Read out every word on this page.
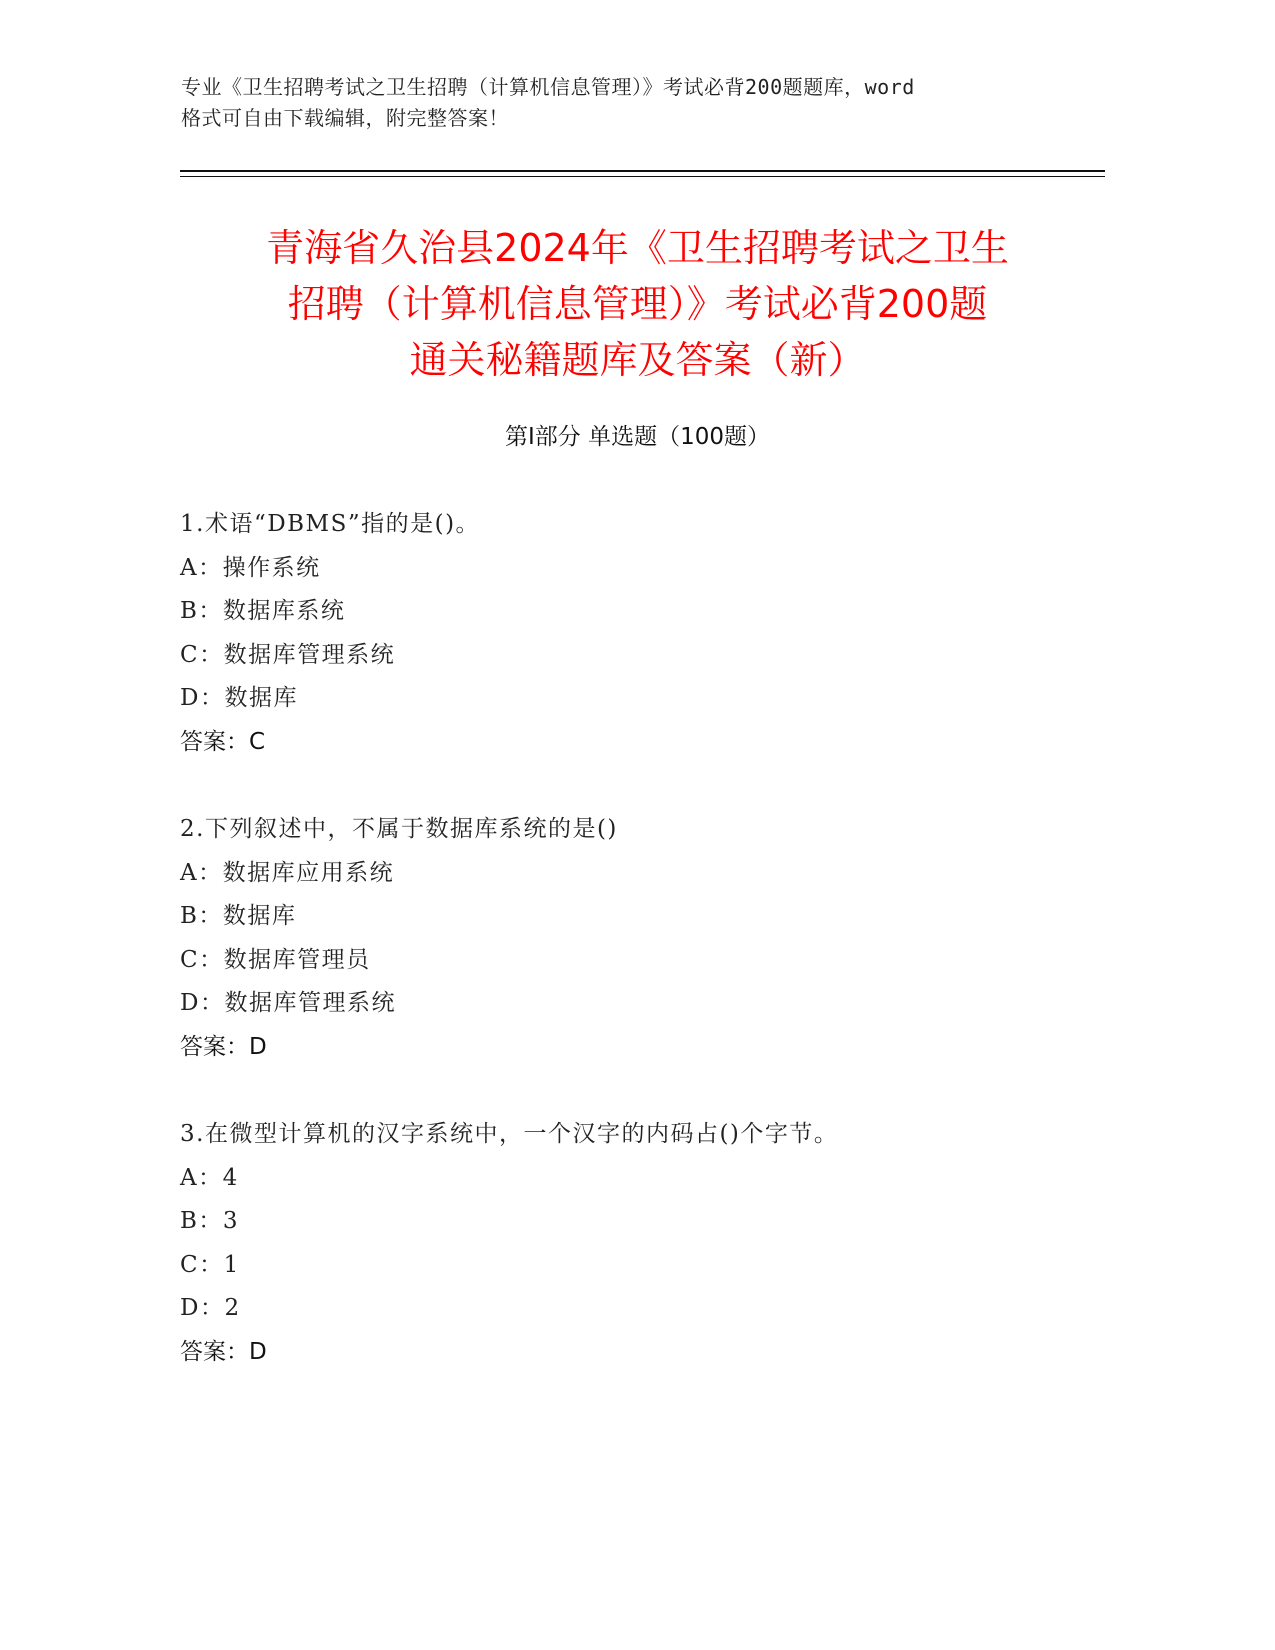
专业《卫生招聘考试之卫生招聘（计算机信息管理）》考试必背200题题库，word
格式可自由下载编辑，附完整答案！
青海省久治县2024年《卫生招聘考试之卫生
招聘（计算机信息管理）》考试必背200题
通关秘籍题库及答案（新）
第Ⅰ部分 单选题（100题）
1.术语“DBMS”指的是()。
A：操作系统
B：数据库系统
C：数据库管理系统
D：数据库
答案：C
2.下列叙述中，不属于数据库系统的是()
A：数据库应用系统
B：数据库
C：数据库管理员
D：数据库管理系统
答案：D
3.在微型计算机的汉字系统中，一个汉字的内码占()个字节。
A：4
B：3
C：1
D：2
答案：D
